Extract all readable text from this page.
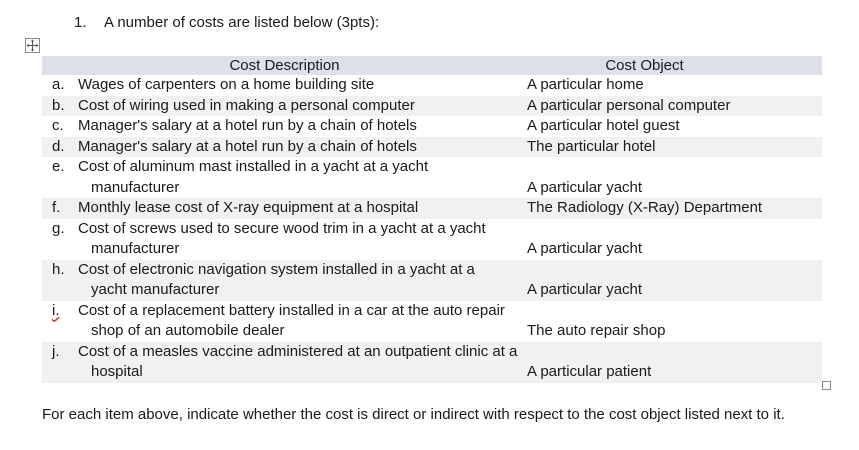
1. A number of costs are listed below (3pts):
Cost Description	Cost Object

a. Wages of carpenters on a home building site	A particular home

b. Cost of wiring used in making a personal computer	A particular personal computer

c. Manager's salary at a hotel run by a chain of hotels	A particular hotel guest

d. Manager's salary at a hotel run by a chain of hotels	The particular hotel

e. Cost of aluminum mast installed in a yacht at a yacht manufacturer	A particular yacht

f. Monthly lease cost of X-ray equipment at a hospital	The Radiology (X-Ray) Department

g. Cost of screws used to secure wood trim in a yacht at a yacht manufacturer	A particular yacht

h. Cost of electronic navigation system installed in a yacht at a yacht manufacturer	A particular yacht

i. Cost of a replacement battery installed in a car at the auto repair shop of an automobile dealer	The auto repair shop

j. Cost of a measles vaccine administered at an outpatient clinic at a hospital	A particular patient
For each item above, indicate whether the cost is direct or indirect with respect to the cost object listed next to it.
